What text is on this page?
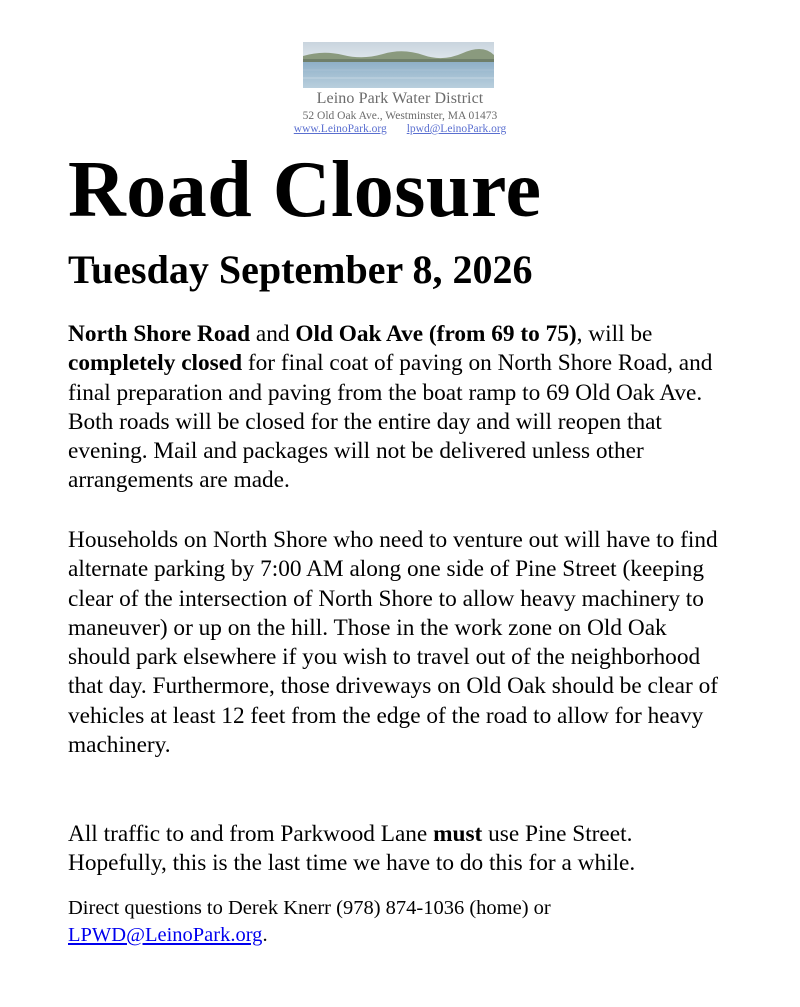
Leino Park Water District
52 Old Oak Ave., Westminster, MA 01473
www.LeinoPark.org lpwd@LeinoPark.org
Road Closure
Tuesday September 8, 2026
North Shore Road and Old Oak Ave (from 69 to 75), will be completely closed for final coat of paving on North Shore Road, and final preparation and paving from the boat ramp to 69 Old Oak Ave. Both roads will be closed for the entire day and will reopen that evening. Mail and packages will not be delivered unless other arrangements are made.
Households on North Shore who need to venture out will have to find alternate parking by 7:00 AM along one side of Pine Street (keeping clear of the intersection of North Shore to allow heavy machinery to maneuver) or up on the hill. Those in the work zone on Old Oak should park elsewhere if you wish to travel out of the neighborhood that day. Furthermore, those driveways on Old Oak should be clear of vehicles at least 12 feet from the edge of the road to allow for heavy machinery.
All traffic to and from Parkwood Lane must use Pine Street. Hopefully, this is the last time we have to do this for a while.
Direct questions to Derek Knerr (978) 874-1036 (home) or LPWD@LeinoPark.org.
